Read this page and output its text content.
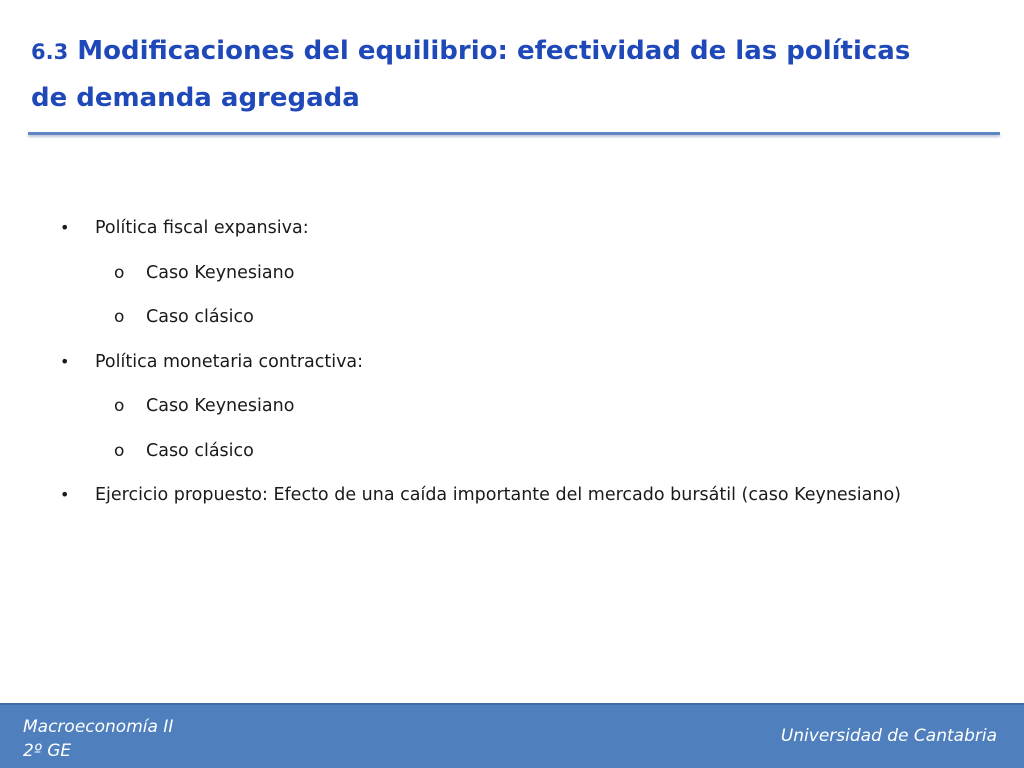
6.3 Modificaciones del equilibrio: efectividad de las políticas
de demanda agregada
• Política fiscal expansiva:
o Caso Keynesiano
o Caso clásico
• Política monetaria contractiva:
o Caso Keynesiano
o Caso clásico
• Ejercicio propuesto: Efecto de una caída importante del mercado bursátil (caso Keynesiano)
Macroeconomía II
2º GE
Universidad de Cantabria
